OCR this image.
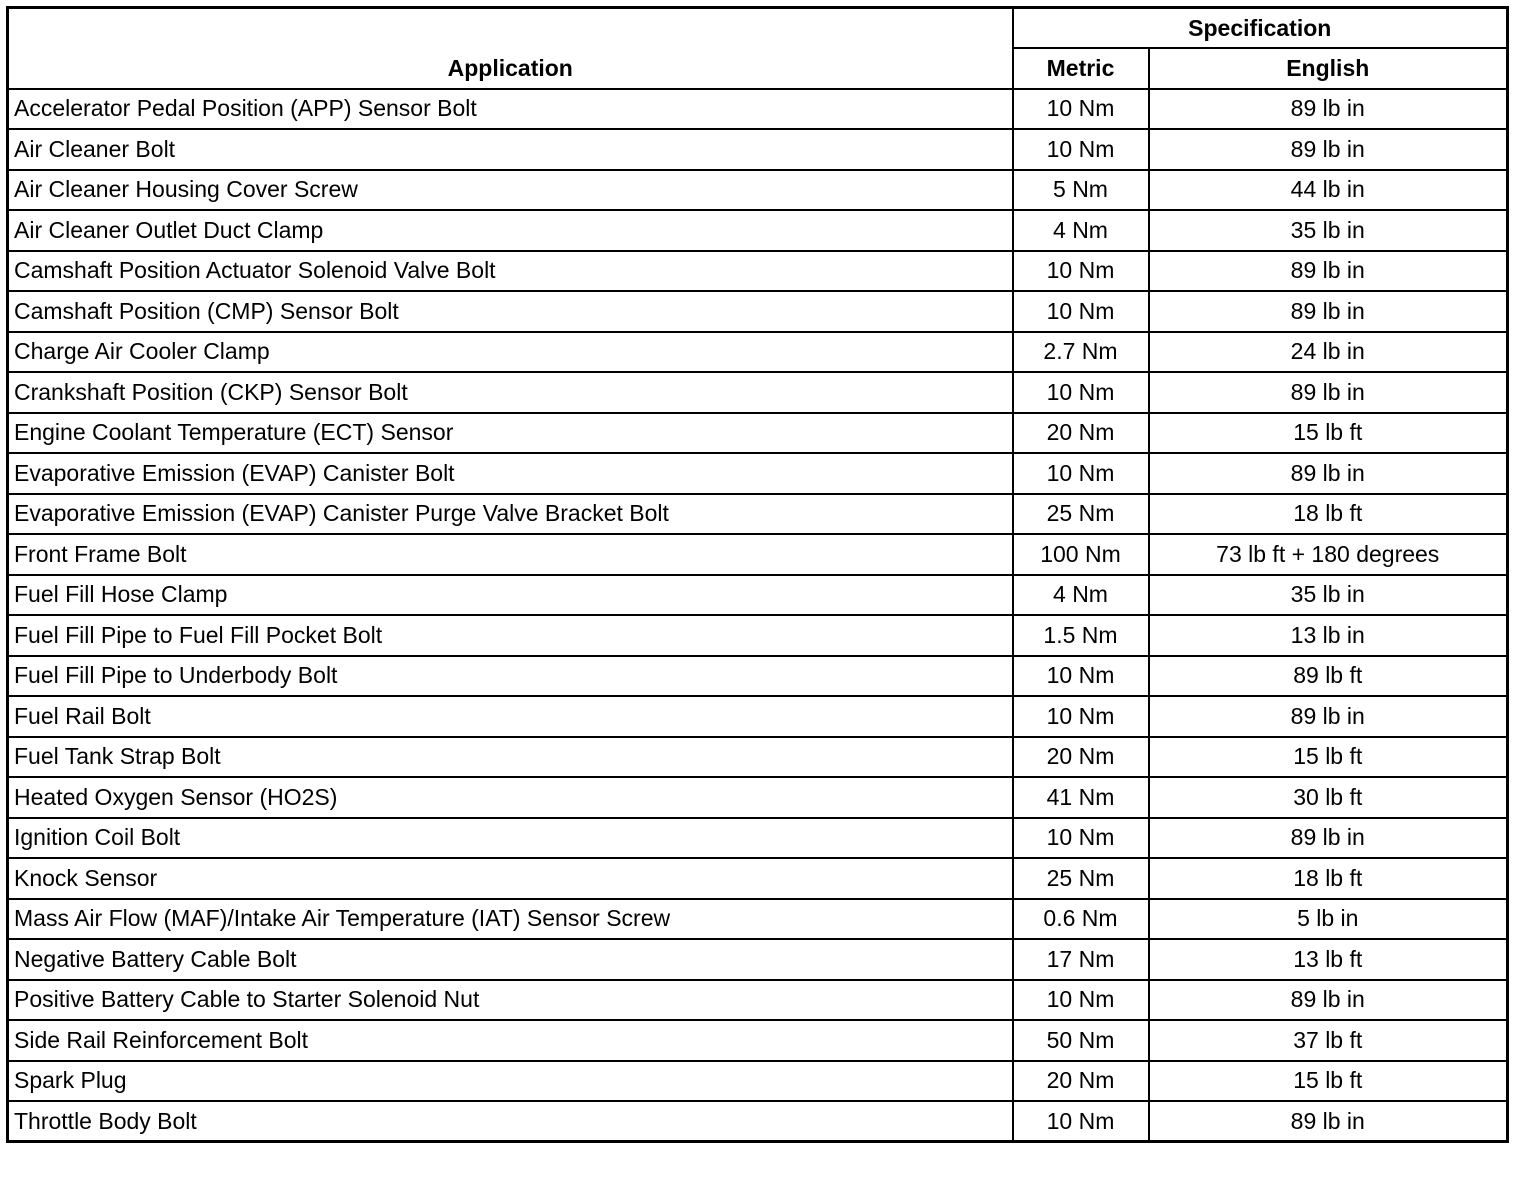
Application	Specification	
	Metric	English
Accelerator Pedal Position (APP) Sensor Bolt	10 Nm	89 lb in
Air Cleaner Bolt	10 Nm	89 lb in
Air Cleaner Housing Cover Screw	5 Nm	44 lb in
Air Cleaner Outlet Duct Clamp	4 Nm	35 lb in
Camshaft Position Actuator Solenoid Valve Bolt	10 Nm	89 lb in
Camshaft Position (CMP) Sensor Bolt	10 Nm	89 lb in
Charge Air Cooler Clamp	2.7 Nm	24 lb in
Crankshaft Position (CKP) Sensor Bolt	10 Nm	89 lb in
Engine Coolant Temperature (ECT) Sensor	20 Nm	15 lb ft
Evaporative Emission (EVAP) Canister Bolt	10 Nm	89 lb in
Evaporative Emission (EVAP) Canister Purge Valve Bracket Bolt	25 Nm	18 lb ft
Front Frame Bolt	100 Nm	73 lb ft + 180 degrees
Fuel Fill Hose Clamp	4 Nm	35 lb in
Fuel Fill Pipe to Fuel Fill Pocket Bolt	1.5 Nm	13 lb in
Fuel Fill Pipe to Underbody Bolt	10 Nm	89 lb ft
Fuel Rail Bolt	10 Nm	89 lb in
Fuel Tank Strap Bolt	20 Nm	15 lb ft
Heated Oxygen Sensor (HO2S)	41 Nm	30 lb ft
Ignition Coil Bolt	10 Nm	89 lb in
Knock Sensor	25 Nm	18 lb ft
Mass Air Flow (MAF)/Intake Air Temperature (IAT) Sensor Screw	0.6 Nm	5 lb in
Negative Battery Cable Bolt	17 Nm	13 lb ft
Positive Battery Cable to Starter Solenoid Nut	10 Nm	89 lb in
Side Rail Reinforcement Bolt	50 Nm	37 lb ft
Spark Plug	20 Nm	15 lb ft
Throttle Body Bolt	10 Nm	89 lb in
